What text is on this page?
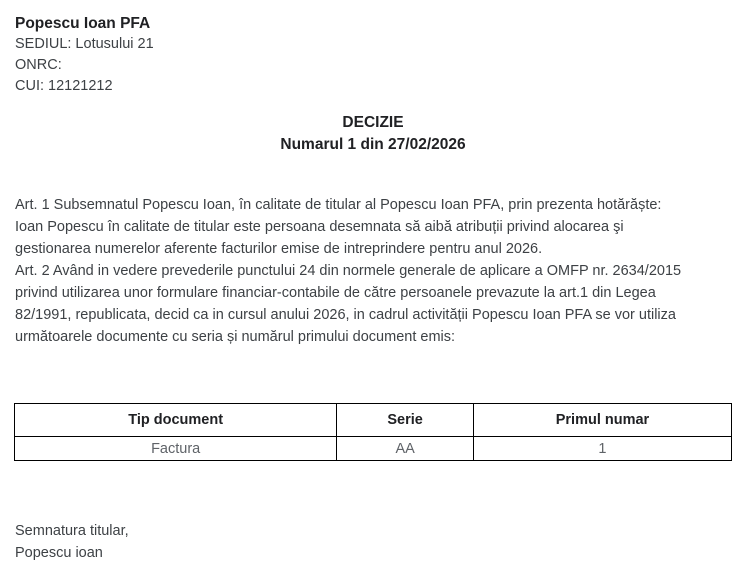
Popescu Ioan PFA
SEDIUL: Lotusului 21
ONRC:
CUI: 12121212
DECIZIE
Numarul 1 din 27/02/2026
Art. 1 Subsemnatul Popescu Ioan, în calitate de titular al Popescu Ioan PFA, prin prezenta hotărăște:
Ioan Popescu în calitate de titular este persoana desemnata să aibă atribuții privind alocarea şi
gestionarea numerelor aferente facturilor emise de intreprindere pentru anul 2026.
Art. 2 Având in vedere prevederile punctului 24 din normele generale de aplicare a OMFP nr. 2634/2015
privind utilizarea unor formulare financiar-contabile de către persoanele prevazute la art.1 din Legea
82/1991, republicata, decid ca in cursul anului 2026, in cadrul activității Popescu Ioan PFA se vor utiliza
următoarele documente cu seria și numărul primului document emis:
Tip document	Serie	Primul numar
Factura	AA	1
Semnatura titular,
Popescu ioan
